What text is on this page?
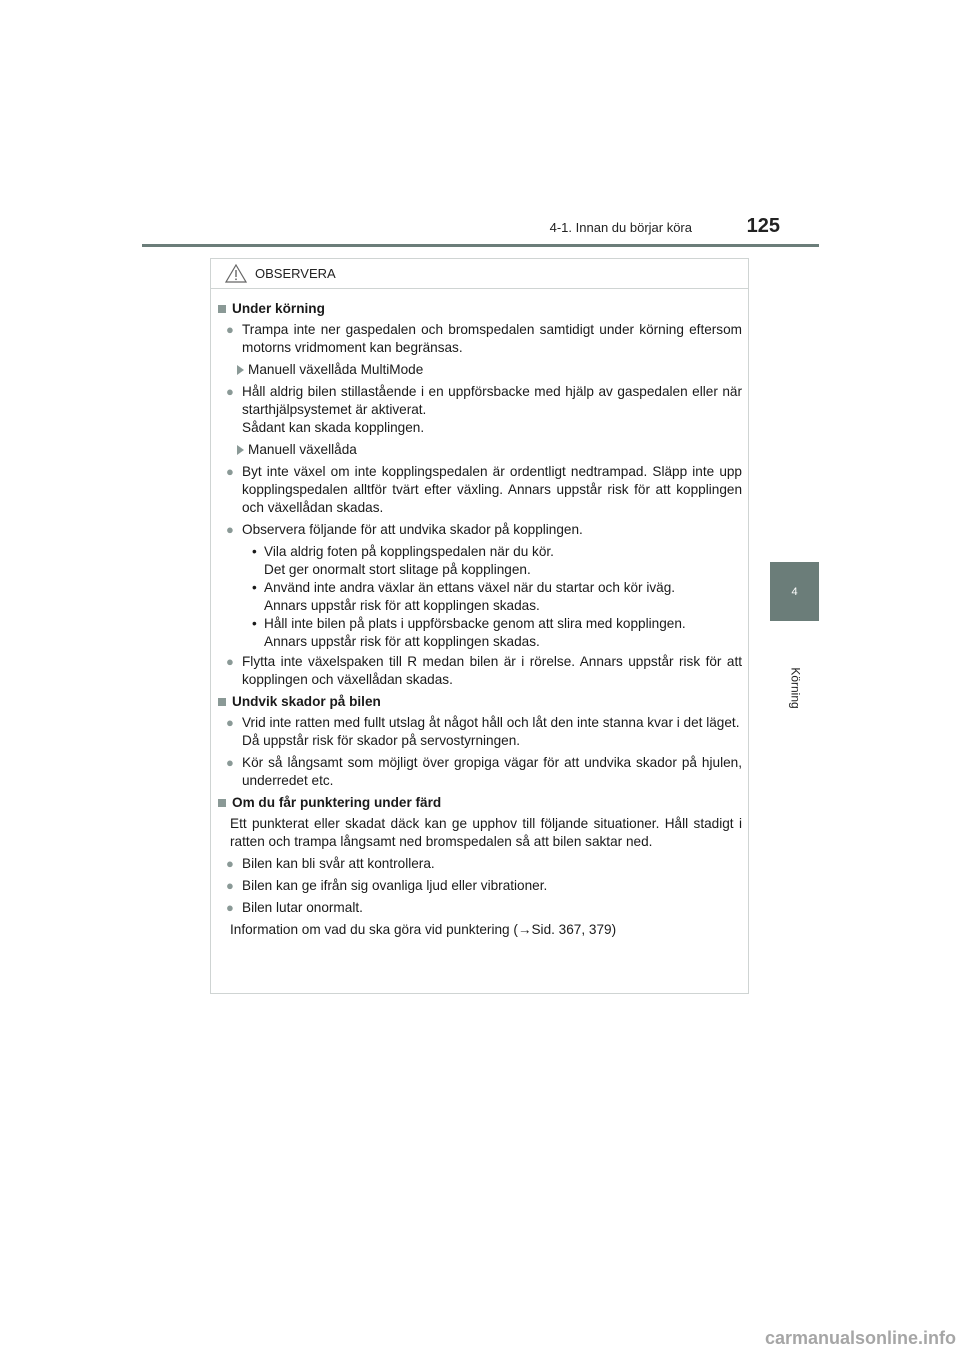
4-1. Innan du börjar köra	125
4
Körning
OBSERVERA
Under körning
● Trampa inte ner gaspedalen och bromspedalen samtidigt under körning eftersom motorns vridmoment kan begränsas.
Manuell växellåda MultiMode
● Håll aldrig bilen stillastående i en uppförsbacke med hjälp av gaspedalen eller när starthjälpsystemet är aktiverat.
Sådant kan skada kopplingen.
Manuell växellåda
● Byt inte växel om inte kopplingspedalen är ordentligt nedtrampad. Släpp inte upp kopplingspedalen alltför tvärt efter växling. Annars uppstår risk för att kopplingen och växellådan skadas.
● Observera följande för att undvika skador på kopplingen.
• Vila aldrig foten på kopplingspedalen när du kör.
Det ger onormalt stort slitage på kopplingen.
• Använd inte andra växlar än ettans växel när du startar och kör iväg.
Annars uppstår risk för att kopplingen skadas.
• Håll inte bilen på plats i uppförsbacke genom att slira med kopplingen.
Annars uppstår risk för att kopplingen skadas.
● Flytta inte växelspaken till R medan bilen är i rörelse. Annars uppstår risk för att kopplingen och växellådan skadas.
Undvik skador på bilen
● Vrid inte ratten med fullt utslag åt något håll och låt den inte stanna kvar i det läget.
Då uppstår risk för skador på servostyrningen.
● Kör så långsamt som möjligt över gropiga vägar för att undvika skador på hjulen, underredet etc.
Om du får punktering under färd
Ett punkterat eller skadat däck kan ge upphov till följande situationer. Håll stadigt i ratten och trampa långsamt ned bromspedalen så att bilen saktar ned.
● Bilen kan bli svår att kontrollera.
● Bilen kan ge ifrån sig ovanliga ljud eller vibrationer.
● Bilen lutar onormalt.
Information om vad du ska göra vid punktering (→Sid. 367, 379)
carmanualsonline.info
